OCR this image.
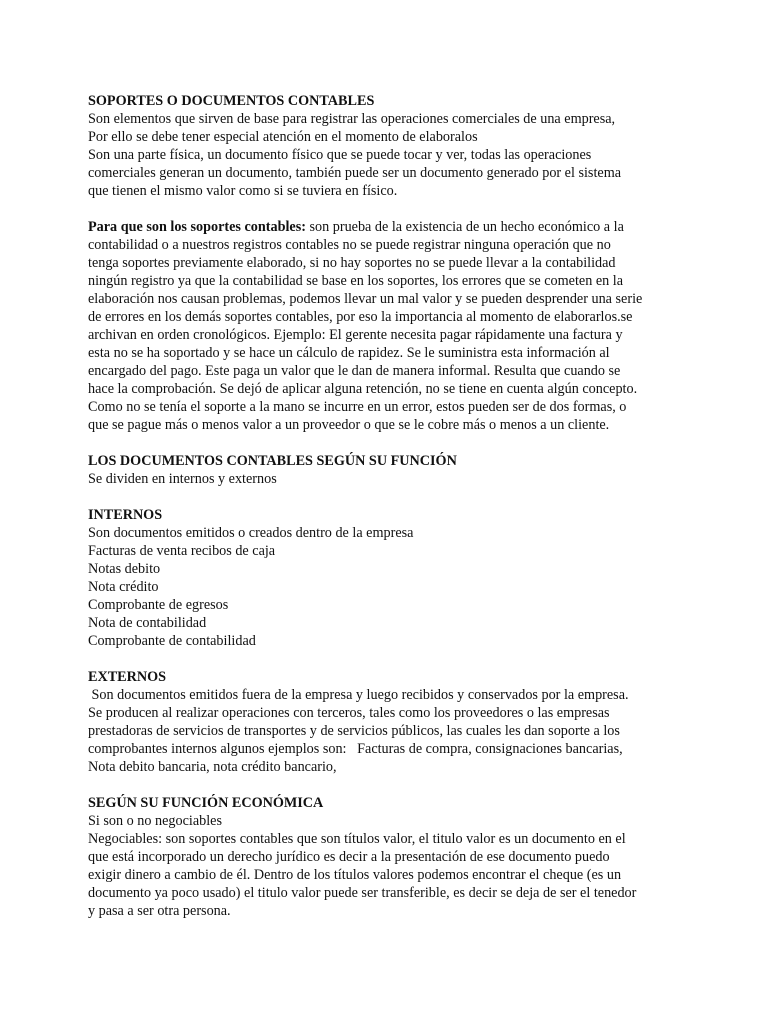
SOPORTES O DOCUMENTOS CONTABLES

Son elementos que sirven de base para registrar las operaciones comerciales de una empresa,

Por ello se debe tener especial atención en el momento de elaboralos

Son una parte física, un documento físico que se puede tocar y ver, todas las operaciones

comerciales generan un documento, también puede ser un documento generado por el sistema

que tienen el mismo valor como si se tuviera en físico.

Para que son los soportes contables: son prueba de la existencia de un hecho económico a la

contabilidad o a nuestros registros contables no se puede registrar ninguna operación que no

tenga soportes previamente elaborado, si no hay soportes no se puede llevar a la contabilidad

ningún registro ya que la contabilidad se base en los soportes, los errores que se cometen en la

elaboración nos causan problemas, podemos llevar un mal valor y se pueden desprender una serie

de errores en los demás soportes contables, por eso la importancia al momento de elaborarlos.se

archivan en orden cronológicos. Ejemplo: El gerente necesita pagar rápidamente una factura y

esta no se ha soportado y se hace un cálculo de rapidez. Se le suministra esta información al

encargado del pago. Este paga un valor que le dan de manera informal. Resulta que cuando se

hace la comprobación. Se dejó de aplicar alguna retención, no se tiene en cuenta algún concepto.

Como no se tenía el soporte a la mano se incurre en un error, estos pueden ser de dos formas, o

que se pague más o menos valor a un proveedor o que se le cobre más o menos a un cliente.

LOS DOCUMENTOS CONTABLES SEGÚN SU FUNCIÓN

Se dividen en internos y externos

INTERNOS

Son documentos emitidos o creados dentro de la empresa

Facturas de venta recibos de caja

Notas debito

Nota crédito

Comprobante de egresos

Nota de contabilidad

Comprobante de contabilidad

EXTERNOS

Son documentos emitidos fuera de la empresa y luego recibidos y conservados por la empresa.

Se producen al realizar operaciones con terceros, tales como los proveedores o las empresas

prestadoras de servicios de transportes y de servicios públicos, las cuales les dan soporte a los

comprobantes internos algunos ejemplos son:   Facturas de compra, consignaciones bancarias,

Nota debito bancaria, nota crédito bancario,

SEGÚN SU FUNCIÓN ECONÓMICA

Si son o no negociables

Negociables: son soportes contables que son títulos valor, el titulo valor es un documento en el

que está incorporado un derecho jurídico es decir a la presentación de ese documento puedo

exigir dinero a cambio de él. Dentro de los títulos valores podemos encontrar el cheque (es un

documento ya poco usado) el titulo valor puede ser transferible, es decir se deja de ser el tenedor

y pasa a ser otra persona.
